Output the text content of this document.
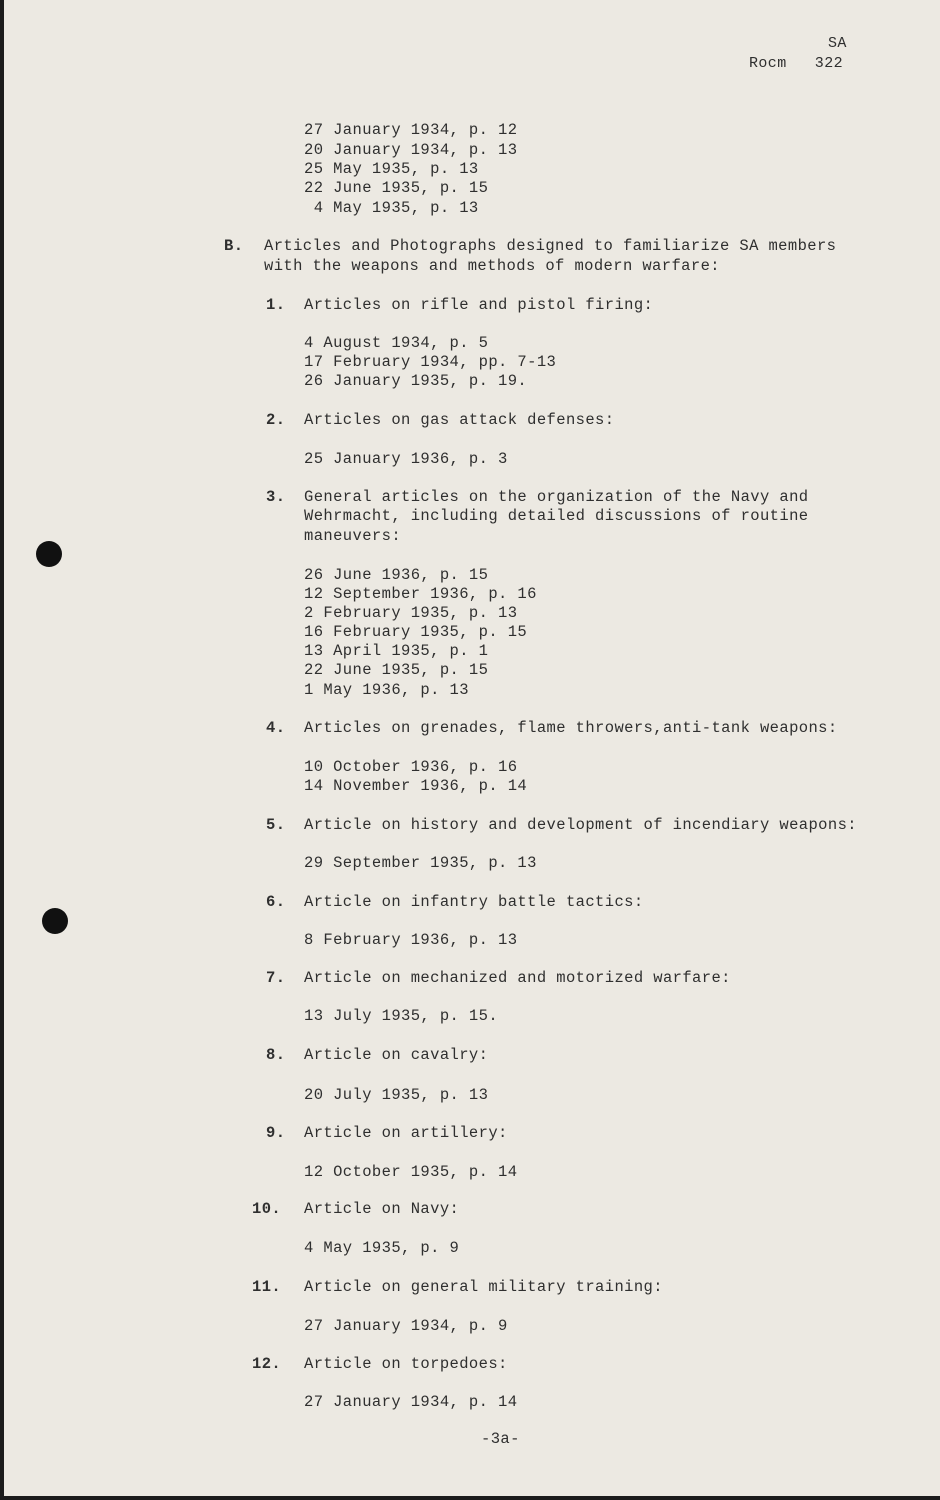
SA
Rocm   322
27 January 1934, p. 12
20 January 1934, p. 13
25 May 1935, p. 13
22 June 1935, p. 15
4 May 1935, p. 13
B. Articles and Photographs designed to familiarize SA members
with the weapons and methods of modern warfare:
1. Articles on rifle and pistol firing:
4 August 1934, p. 5
17 February 1934, pp. 7-13
26 January 1935, p. 19.
2. Articles on gas attack defenses:
25 January 1936, p. 3
3. General articles on the organization of the Navy and
Wehrmacht, including detailed discussions of routine
maneuvers:
26 June 1936, p. 15
12 September 1936, p. 16
2 February 1935, p. 13
16 February 1935, p. 15
13 April 1935, p. 1
22 June 1935, p. 15
1 May 1936, p. 13
4. Articles on grenades, flame throwers,anti-tank weapons:
10 October 1936, p. 16
14 November 1936, p. 14
5. Article on history and development of incendiary weapons:
29 September 1935, p. 13
6. Article on infantry battle tactics:
8 February 1936, p. 13
7. Article on mechanized and motorized warfare:
13 July 1935, p. 15.
8. Article on cavalry:
20 July 1935, p. 13
9. Article on artillery:
12 October 1935, p. 14
10. Article on Navy:
4 May 1935, p. 9
11. Article on general military training:
27 January 1934, p. 9
12. Article on torpedoes:
27 January 1934, p. 14
-3a-
